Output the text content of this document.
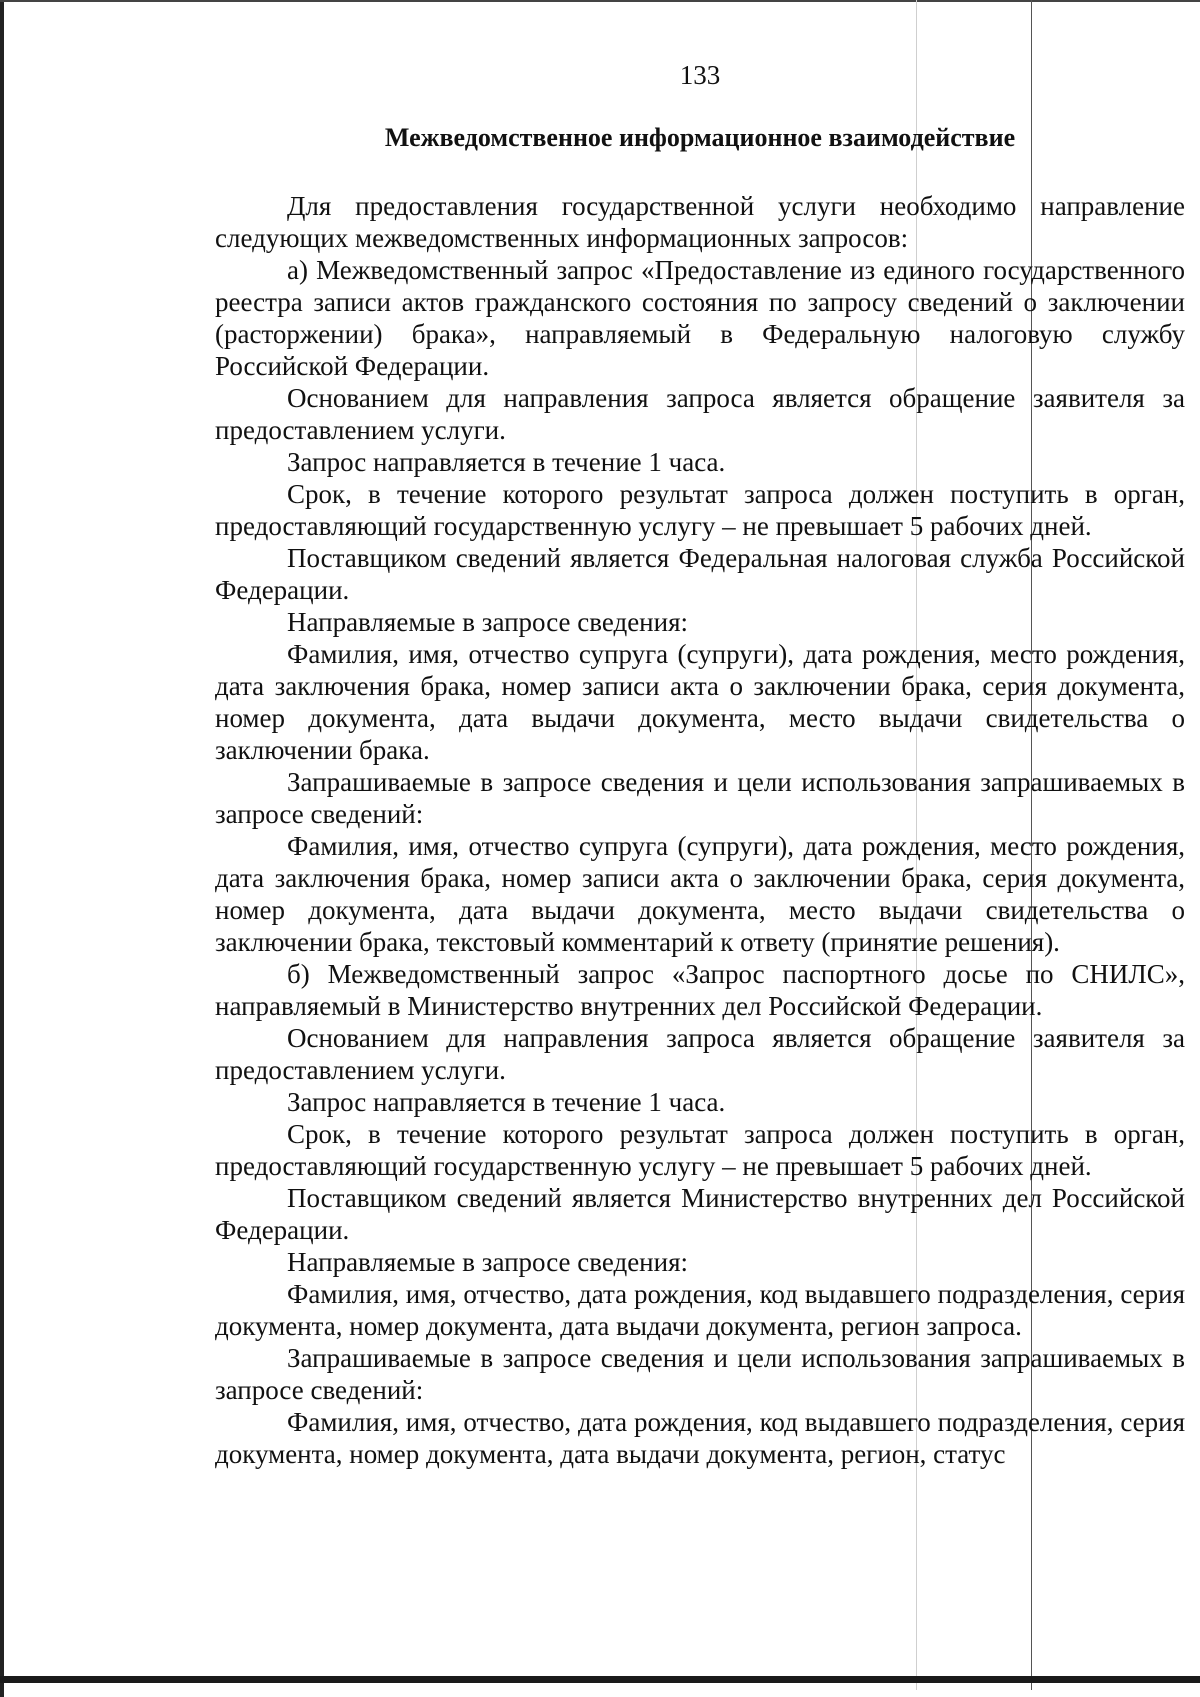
133
Межведомственное информационное взаимодействие

Для предоставления государственной услуги необходимо направление следующих межведомственных информационных запросов:

а) Межведомственный запрос «Предоставление из единого государственного реестра записи актов гражданского состояния по запросу сведений о заключении (расторжении) брака», направляемый в Федеральную налоговую службу Российской Федерации.

Основанием для направления запроса является обращение заявителя за предоставлением услуги.

Запрос направляется в течение 1 часа.

Срок, в течение которого результат запроса должен поступить в орган, предоставляющий государственную услугу – не превышает 5 рабочих дней.

Поставщиком сведений является Федеральная налоговая служба Российской Федерации.

Направляемые в запросе сведения:

Фамилия, имя, отчество супруга (супруги), дата рождения, место рождения, дата заключения брака, номер записи акта о заключении брака, серия документа, номер документа, дата выдачи документа, место выдачи свидетельства о заключении брака.

Запрашиваемые в запросе сведения и цели использования запрашиваемых в запросе сведений:

Фамилия, имя, отчество супруга (супруги), дата рождения, место рождения, дата заключения брака, номер записи акта о заключении брака, серия документа, номер документа, дата выдачи документа, место выдачи свидетельства о заключении брака, текстовый комментарий к ответу (принятие решения).

б) Межведомственный запрос «Запрос паспортного досье по СНИЛС», направляемый в Министерство внутренних дел Российской Федерации.

Основанием для направления запроса является обращение заявителя за предоставлением услуги.

Запрос направляется в течение 1 часа.

Срок, в течение которого результат запроса должен поступить в орган, предоставляющий государственную услугу – не превышает 5 рабочих дней.

Поставщиком сведений является Министерство внутренних дел Российской Федерации.

Направляемые в запросе сведения:

Фамилия, имя, отчество, дата рождения, код выдавшего подразделения, серия документа, номер документа, дата выдачи документа, регион запроса.

Запрашиваемые в запросе сведения и цели использования запрашиваемых в запросе сведений:

Фамилия, имя, отчество, дата рождения, код выдавшего подразделения, серия документа, номер документа, дата выдачи документа, регион, статус
